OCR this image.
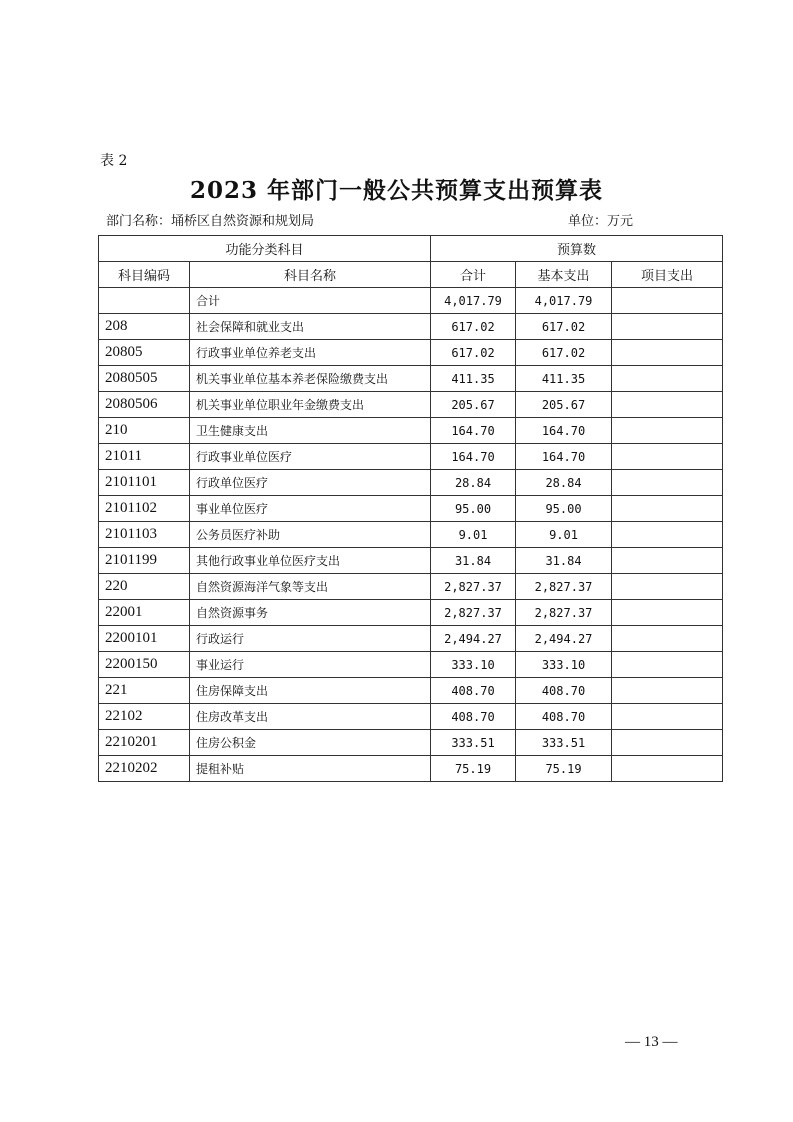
表 2
2023 年部门一般公共预算支出预算表
部门名称：埇桥区自然资源和规划局	单位：万元
功能分类科目		预算数		
科目编码	科目名称	合计	基本支出	项目支出
	合计	4,017.79	4,017.79	
208	社会保障和就业支出	617.02	617.02	
20805	行政事业单位养老支出	617.02	617.02	
2080505	机关事业单位基本养老保险缴费支出	411.35	411.35	
2080506	机关事业单位职业年金缴费支出	205.67	205.67	
210	卫生健康支出	164.70	164.70	
21011	行政事业单位医疗	164.70	164.70	
2101101	行政单位医疗	28.84	28.84	
2101102	事业单位医疗	95.00	95.00	
2101103	公务员医疗补助	9.01	9.01	
2101199	其他行政事业单位医疗支出	31.84	31.84	
220	自然资源海洋气象等支出	2,827.37	2,827.37	
22001	自然资源事务	2,827.37	2,827.37	
2200101	行政运行	2,494.27	2,494.27	
2200150	事业运行	333.10	333.10	
221	住房保障支出	408.70	408.70	
22102	住房改革支出	408.70	408.70	
2210201	住房公积金	333.51	333.51	
2210202	提租补贴	75.19	75.19	
— 13 —
